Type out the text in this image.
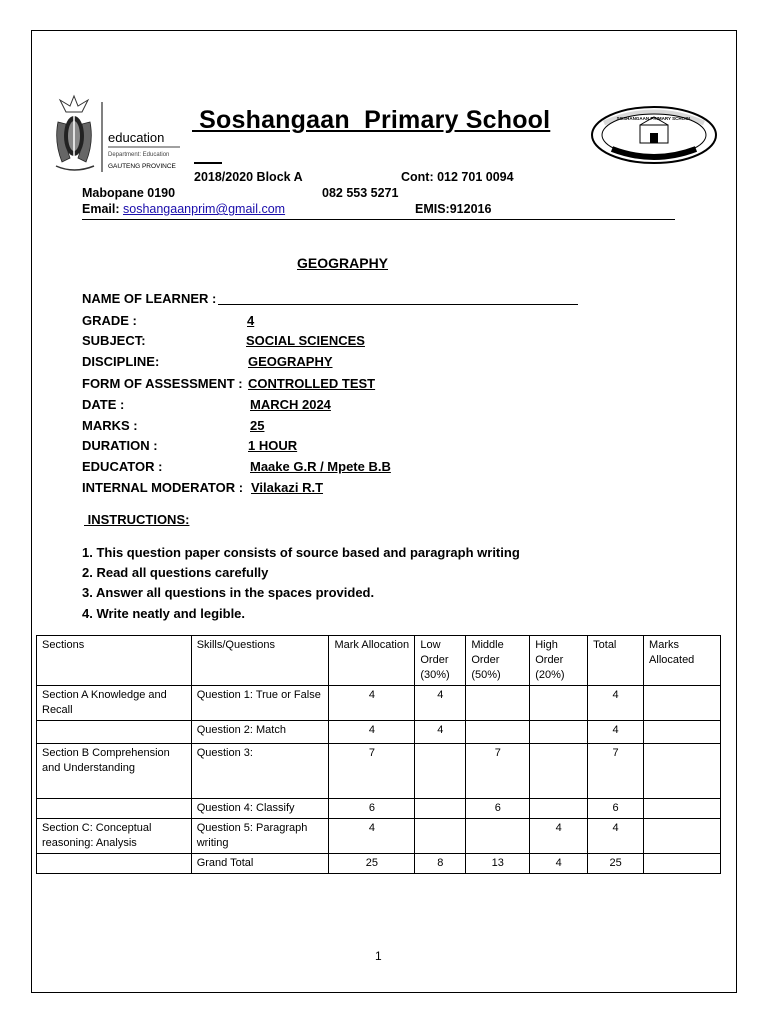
education
Department: Education
GAUTENG PROVINCE
SOSHANGAAN PRIMARY SCHOOL
Soshangaan  Primary School
2018/2020 Block A	Cont: 012 701 0094
Mabopane 0190	082 553 5271
Email: soshangaanprim@gmail.com	EMIS:912016
GEOGRAPHY
NAME OF LEARNER :
GRADE :	4
SUBJECT:	SOCIAL SCIENCES
DISCIPLINE:	GEOGRAPHY
FORM OF ASSESSMENT : CONTROLLED TEST
DATE :	MARCH 2024
MARKS :	25
DURATION :	1 HOUR
EDUCATOR :	Maake G.R / Mpete B.B
INTERNAL MODERATOR : Vilakazi R.T
INSTRUCTIONS:
1. This question paper consists of source based and paragraph writing
2. Read all questions carefully
3. Answer all questions in the spaces provided.
4. Write neatly and legible.
Sections	Skills/Questions	Mark Allocation	Low Order (30%)	Middle Order (50%)	High Order (20%)	Total	Marks Allocated
Section A Knowledge and Recall	Question 1: True or False	4	4			4	
	Question 2: Match	4	4			4	
Section B Comprehension and Understanding	Question 3:	7		7		7	
	Question 4: Classify	6		6		6	
Section C: Conceptual reasoning: Analysis	Question 5: Paragraph writing	4			4	4	
	Grand Total	25	8	13	4	25	
1
